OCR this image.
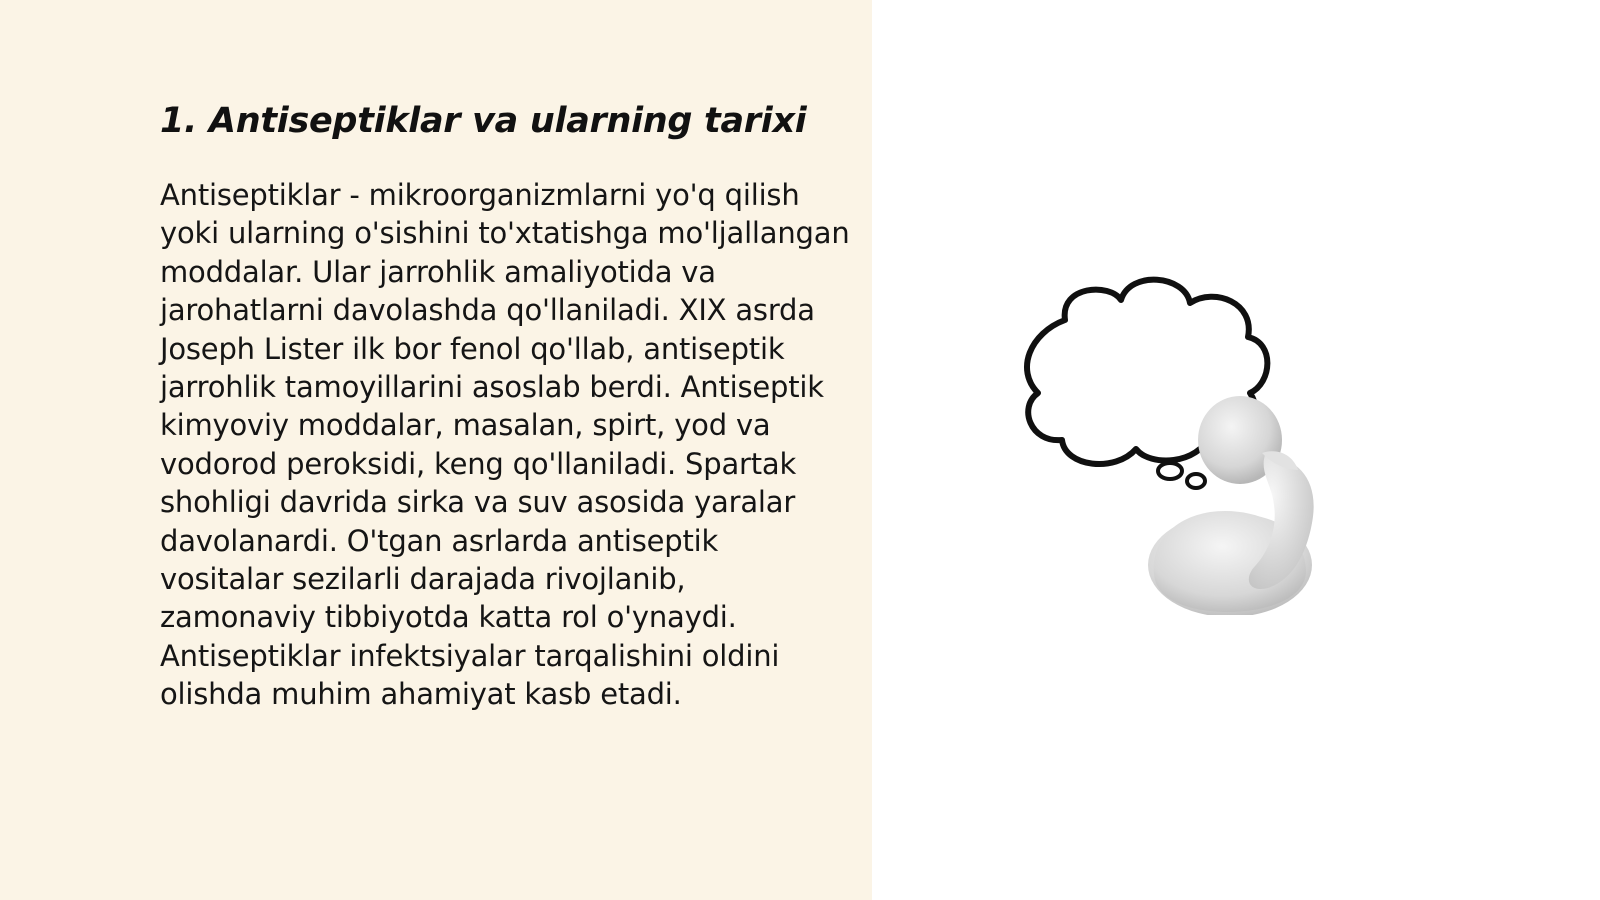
1. Antiseptiklar va ularning tarixi

Antiseptiklar - mikroorganizmlarni yo'q qilish yoki ularning o'sishini to'xtatishga mo'ljallangan moddalar. Ular jarrohlik amaliyotida va jarohatlarni davolashda qo'llaniladi. XIX asrda Joseph Lister ilk bor fenol qo'llab, antiseptik jarrohlik tamoyillarini asoslab berdi. Antiseptik kimyoviy moddalar, masalan, spirt, yod va vodorod peroksidi, keng qo'llaniladi. Spartak shohligi davrida sirka va suv asosida yaralar davolanardi. O'tgan asrlarda antiseptik vositalar sezilarli darajada rivojlanib, zamonaviy tibbiyotda katta rol o'ynaydi. Antiseptiklar infektsiyalar tarqalishini oldini olishda muhim ahamiyat kasb etadi.
